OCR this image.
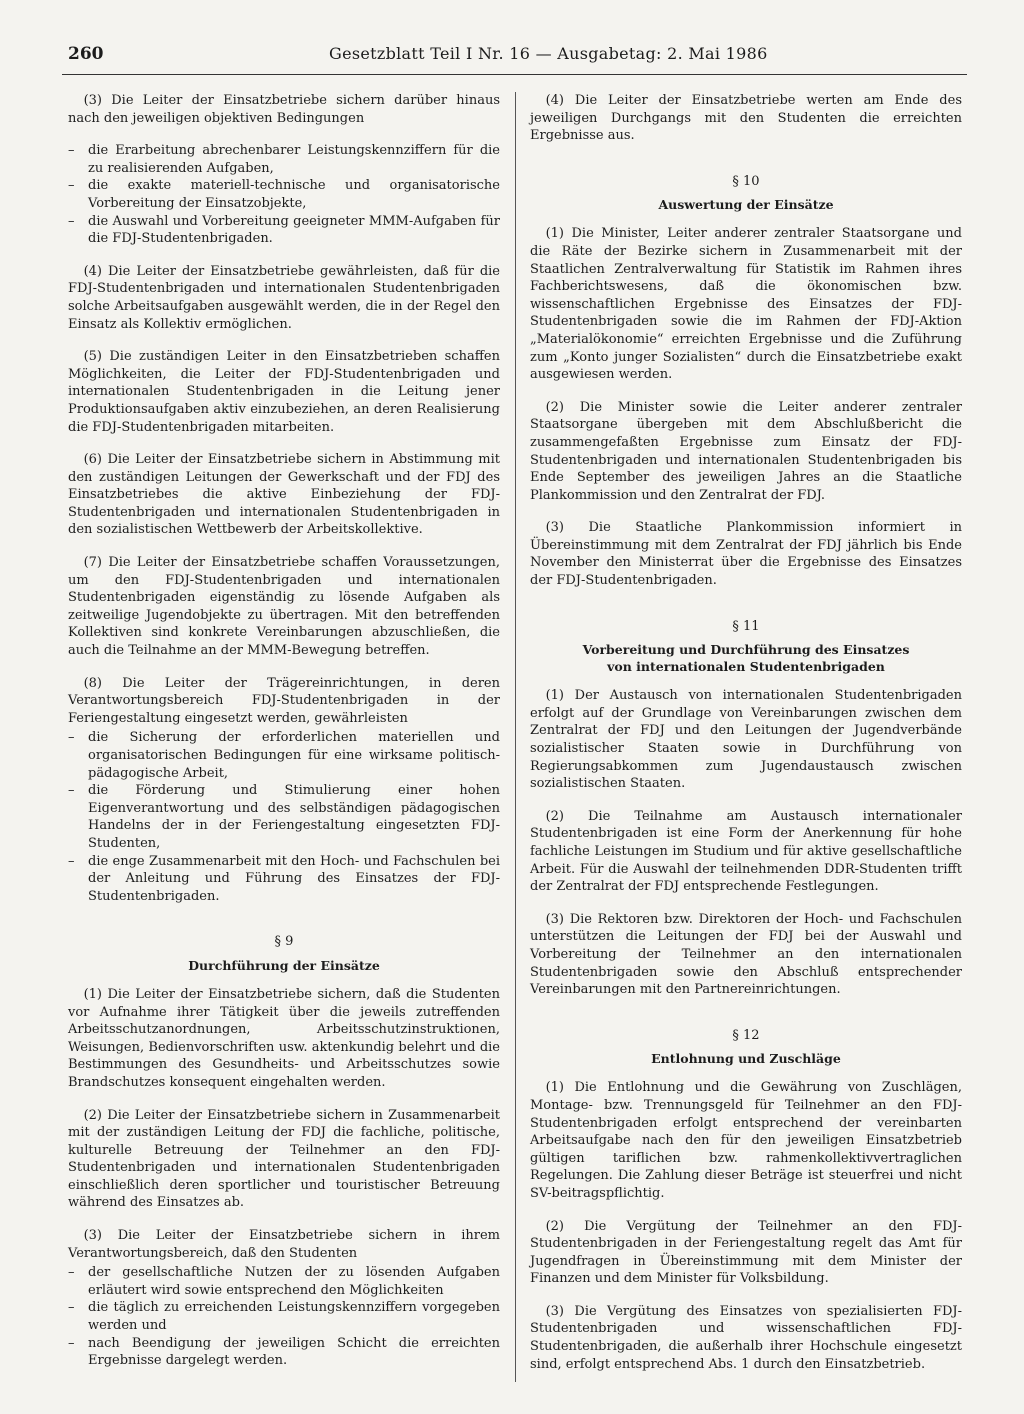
260	Gesetzblatt Teil I Nr. 16 — Ausgabetag: 2. Mai 1986

(3) Die Leiter der Einsatzbetriebe sichern darüber hinaus nach den jeweiligen objektiven Bedingungen

– die Erarbeitung abrechenbarer Leistungskennziffern für die zu realisierenden Aufgaben,
– die exakte materiell-technische und organisatorische Vorbereitung der Einsatzobjekte,
– die Auswahl und Vorbereitung geeigneter MMM-Aufgaben für die FDJ-Studentenbrigaden.

(4) Die Leiter der Einsatzbetriebe gewährleisten, daß für die FDJ-Studentenbrigaden und internationalen Studentenbrigaden solche Arbeitsaufgaben ausgewählt werden, die in der Regel den Einsatz als Kollektiv ermöglichen.

(5) Die zuständigen Leiter in den Einsatzbetrieben schaffen Möglichkeiten, die Leiter der FDJ-Studentenbrigaden und internationalen Studentenbrigaden in die Leitung jener Produktionsaufgaben aktiv einzubeziehen, an deren Realisierung die FDJ-Studentenbrigaden mitarbeiten.

(6) Die Leiter der Einsatzbetriebe sichern in Abstimmung mit den zuständigen Leitungen der Gewerkschaft und der FDJ des Einsatzbetriebes die aktive Einbeziehung der FDJ-Studentenbrigaden und internationalen Studentenbrigaden in den sozialistischen Wettbewerb der Arbeitskollektive.

(7) Die Leiter der Einsatzbetriebe schaffen Voraussetzungen, um den FDJ-Studentenbrigaden und internationalen Studentenbrigaden eigenständig zu lösende Aufgaben als zeitweilige Jugendobjekte zu übertragen. Mit den betreffenden Kollektiven sind konkrete Vereinbarungen abzuschließen, die auch die Teilnahme an der MMM-Bewegung betreffen.

(8) Die Leiter der Trägereinrichtungen, in deren Verantwortungsbereich FDJ-Studentenbrigaden in der Feriengestaltung eingesetzt werden, gewährleisten

– die Sicherung der erforderlichen materiellen und organisatorischen Bedingungen für eine wirksame politisch-pädagogische Arbeit,
– die Förderung und Stimulierung einer hohen Eigenverantwortung und des selbständigen pädagogischen Handelns der in der Feriengestaltung eingesetzten FDJ-Studenten,
– die enge Zusammenarbeit mit den Hoch- und Fachschulen bei der Anleitung und Führung des Einsatzes der FDJ-Studentenbrigaden.
§ 9
Durchführung der Einsätze

(1) Die Leiter der Einsatzbetriebe sichern, daß die Studenten vor Aufnahme ihrer Tätigkeit über die jeweils zutreffenden Arbeitsschutzanordnungen, Arbeitsschutzinstruktionen, Weisungen, Bedienvorschriften usw. aktenkundig belehrt und die Bestimmungen des Gesundheits- und Arbeitsschutzes sowie Brandschutzes konsequent eingehalten werden.

(2) Die Leiter der Einsatzbetriebe sichern in Zusammenarbeit mit der zuständigen Leitung der FDJ die fachliche, politische, kulturelle Betreuung der Teilnehmer an den FDJ-Studentenbrigaden und internationalen Studentenbrigaden einschließlich deren sportlicher und touristischer Betreuung während des Einsatzes ab.

(3) Die Leiter der Einsatzbetriebe sichern in ihrem Verantwortungsbereich, daß den Studenten

– der gesellschaftliche Nutzen der zu lösenden Aufgaben erläutert wird sowie entsprechend den Möglichkeiten
– die täglich zu erreichenden Leistungskennziffern vorgegeben werden und
– nach Beendigung der jeweiligen Schicht die erreichten Ergebnisse dargelegt werden.

(4) Die Leiter der Einsatzbetriebe werten am Ende des jeweiligen Durchgangs mit den Studenten die erreichten Ergebnisse aus.

§ 10
Auswertung der Einsätze

(1) Die Minister, Leiter anderer zentraler Staatsorgane und die Räte der Bezirke sichern in Zusammenarbeit mit der Staatlichen Zentralverwaltung für Statistik im Rahmen ihres Fachberichtswesens, daß die ökonomischen bzw. wissenschaftlichen Ergebnisse des Einsatzes der FDJ-Studentenbrigaden sowie die im Rahmen der FDJ-Aktion „Materialökonomie“ erreichten Ergebnisse und die Zuführung zum „Konto junger Sozialisten“ durch die Einsatzbetriebe exakt ausgewiesen werden.

(2) Die Minister sowie die Leiter anderer zentraler Staatsorgane übergeben mit dem Abschlußbericht die zusammengefaßten Ergebnisse zum Einsatz der FDJ-Studentenbrigaden und internationalen Studentenbrigaden bis Ende September des jeweiligen Jahres an die Staatliche Plankommission und den Zentralrat der FDJ.

(3) Die Staatliche Plankommission informiert in Übereinstimmung mit dem Zentralrat der FDJ jährlich bis Ende November den Ministerrat über die Ergebnisse des Einsatzes der FDJ-Studentenbrigaden.

§ 11
Vorbereitung und Durchführung des Einsatzes
von internationalen Studentenbrigaden

(1) Der Austausch von internationalen Studentenbrigaden erfolgt auf der Grundlage von Vereinbarungen zwischen dem Zentralrat der FDJ und den Leitungen der Jugendverbände sozialistischer Staaten sowie in Durchführung von Regierungsabkommen zum Jugendaustausch zwischen sozialistischen Staaten.

(2) Die Teilnahme am Austausch internationaler Studentenbrigaden ist eine Form der Anerkennung für hohe fachliche Leistungen im Studium und für aktive gesellschaftliche Arbeit. Für die Auswahl der teilnehmenden DDR-Studenten trifft der Zentralrat der FDJ entsprechende Festlegungen.

(3) Die Rektoren bzw. Direktoren der Hoch- und Fachschulen unterstützen die Leitungen der FDJ bei der Auswahl und Vorbereitung der Teilnehmer an den internationalen Studentenbrigaden sowie den Abschluß entsprechender Vereinbarungen mit den Partnereinrichtungen.

§ 12
Entlohnung und Zuschläge

(1) Die Entlohnung und die Gewährung von Zuschlägen, Montage- bzw. Trennungsgeld für Teilnehmer an den FDJ-Studentenbrigaden erfolgt entsprechend der vereinbarten Arbeitsaufgabe nach den für den jeweiligen Einsatzbetrieb gültigen tariflichen bzw. rahmenkollektivvertraglichen Regelungen. Die Zahlung dieser Beträge ist steuerfrei und nicht SV-beitragspflichtig.

(2) Die Vergütung der Teilnehmer an den FDJ-Studentenbrigaden in der Feriengestaltung regelt das Amt für Jugendfragen in Übereinstimmung mit dem Minister der Finanzen und dem Minister für Volksbildung.

(3) Die Vergütung des Einsatzes von spezialisierten FDJ-Studentenbrigaden und wissenschaftlichen FDJ-Studentenbrigaden, die außerhalb ihrer Hochschule eingesetzt sind, erfolgt entsprechend Abs. 1 durch den Einsatzbetrieb.
